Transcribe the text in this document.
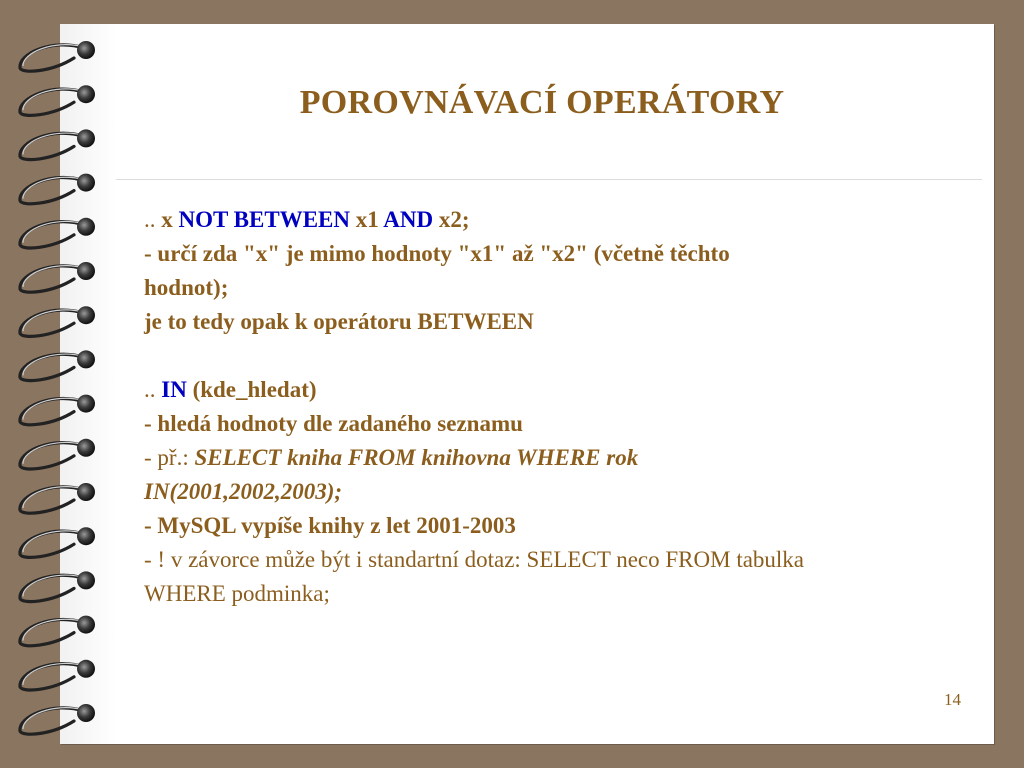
POROVNÁVACÍ OPERÁTORY
.. x NOT BETWEEN x1 AND x2;
- určí zda "x" je mimo hodnoty "x1" až "x2" (včetně těchto
hodnot);
je to tedy opak k operátoru BETWEEN
.. IN (kde_hledat)
- hledá hodnoty dle zadaného seznamu
- př.: SELECT kniha FROM knihovna WHERE rok
IN(2001,2002,2003);
- MySQL vypíše knihy z let 2001-2003
- ! v závorce může být i standartní dotaz: SELECT neco FROM tabulka
WHERE podminka;
14
